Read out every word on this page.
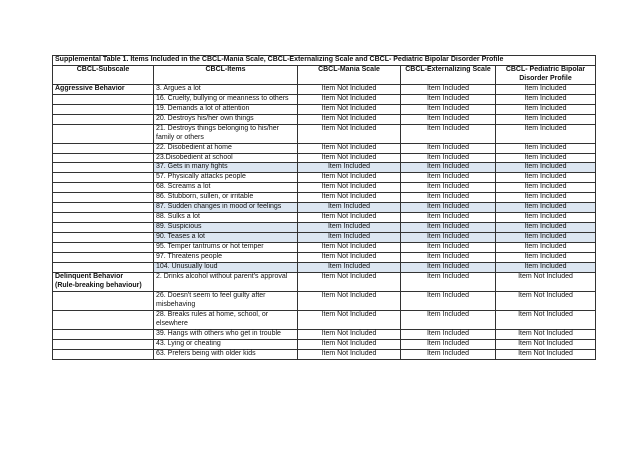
Supplemental Table 1. Items Included in the CBCL-Mania Scale, CBCL-Externalizing Scale and CBCL- Pediatric Bipolar Disorder Profile				
CBCL-Subscale	CBCL-Items	CBCL-Mania Scale	CBCL-Externalizing Scale	CBCL- Pediatric Bipolar Disorder Profile
Aggressive Behavior	3. Argues a lot	Item Not Included	Item Included	Item Included
	16. Cruelty, bullying or meanness to others	Item Not Included	Item Included	Item Included
	19. Demands a lot of attention	Item Not Included	Item Included	Item Included
	20. Destroys his/her own things	Item Not Included	Item Included	Item Included
	21. Destroys things belonging to his/her family or others	Item Not Included	Item Included	Item Included
	22. Disobedient at home	Item Not Included	Item Included	Item Included
	23.Disobedient at school	Item Not Included	Item Included	Item Included
	37. Gets in many fights	Item Included	Item Included	Item Included
	57. Physically attacks people	Item Not Included	Item Included	Item Included
	68. Screams a lot	Item Not Included	Item Included	Item Included
	86. Stubborn, sullen, or irritable	Item Not Included	Item Included	Item Included
	87. Sudden changes in mood or feelings	Item Included	Item Included	Item Included
	88. Sulks a lot	Item Not Included	Item Included	Item Included
	89. Suspicious	Item Included	Item Included	Item Included
	90. Teases a lot	Item Included	Item Included	Item Included
	95. Temper tantrums or hot temper	Item Not Included	Item Included	Item Included
	97. Threatens people	Item Not Included	Item Included	Item Included
	104. Unusually loud	Item Included	Item Included	Item Included

Delinquent Behavior
(Rule-breaking behaviour)	2. Drinks alcohol without parent's approval	Item Not Included	Item Included	Item Not Included
	26. Doesn't seem to feel guilty after misbehaving	Item Not Included	Item Included	Item Not Included
	28. Breaks rules at home, school, or elsewhere	Item Not Included	Item Included	Item Not Included
	39. Hangs with others who get in trouble	Item Not Included	Item Included	Item Not Included
	43. Lying or cheating	Item Not Included	Item Included	Item Not Included
	63. Prefers being with older kids	Item Not Included	Item Included	Item Not Included
